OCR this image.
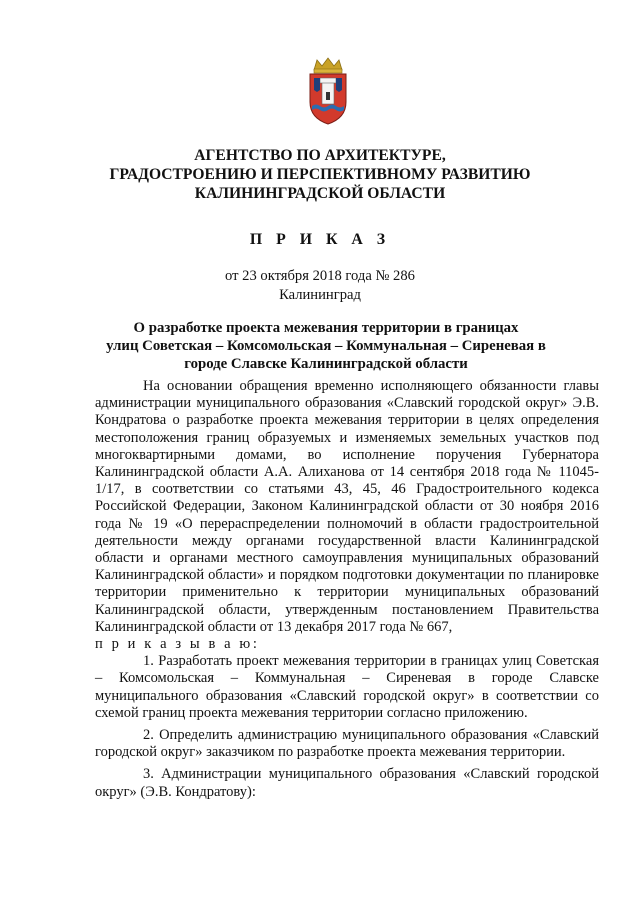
АГЕНТСТВО ПО АРХИТЕКТУРЕ,
ГРАДОСТРОЕНИЮ И ПЕРСПЕКТИВНОМУ РАЗВИТИЮ
КАЛИНИНГРАДСКОЙ ОБЛАСТИ
П Р И К А З
от 23 октября 2018 года № 286
Калининград
О разработке проекта межевания территории в границах
улиц Советская – Комсомольская – Коммунальная – Сиреневая в
городе Славске Калининградской области

На основании обращения временно исполняющего обязанности главы администрации муниципального образования «Славский городской округ» Э.В. Кондратова о разработке проекта межевания территории в целях определения местоположения границ образуемых и изменяемых земельных участков под многоквартирными домами, во исполнение поручения Губернатора Калининградской области А.А. Алиханова от 14 сентября 2018 года № 11045-1/17, в соответствии со статьями 43, 45, 46 Градостроительного кодекса Российской Федерации, Законом Калининградской области от 30 ноября 2016 года № 19 «О перераспределении полномочий в области градостроительной деятельности между органами государственной власти Калининградской области и органами местного самоуправления муниципальных образований Калининградской области» и порядком подготовки документации по планировке территории применительно к территории муниципальных образований Калининградской области, утвержденным постановлением Правительства Калининградской области от 13 декабря 2017 года № 667,

п р и к а з ы в а ю:

1. Разработать проект межевания территории в границах улиц Советская – Комсомольская – Коммунальная – Сиреневая в городе Славске муниципального образования «Славский городской округ» в соответствии со схемой границ проекта межевания территории согласно приложению.

2. Определить администрацию муниципального образования «Славский городской округ» заказчиком по разработке проекта межевания территории.

3. Администрации муниципального образования «Славский городской округ» (Э.В. Кондратову):
